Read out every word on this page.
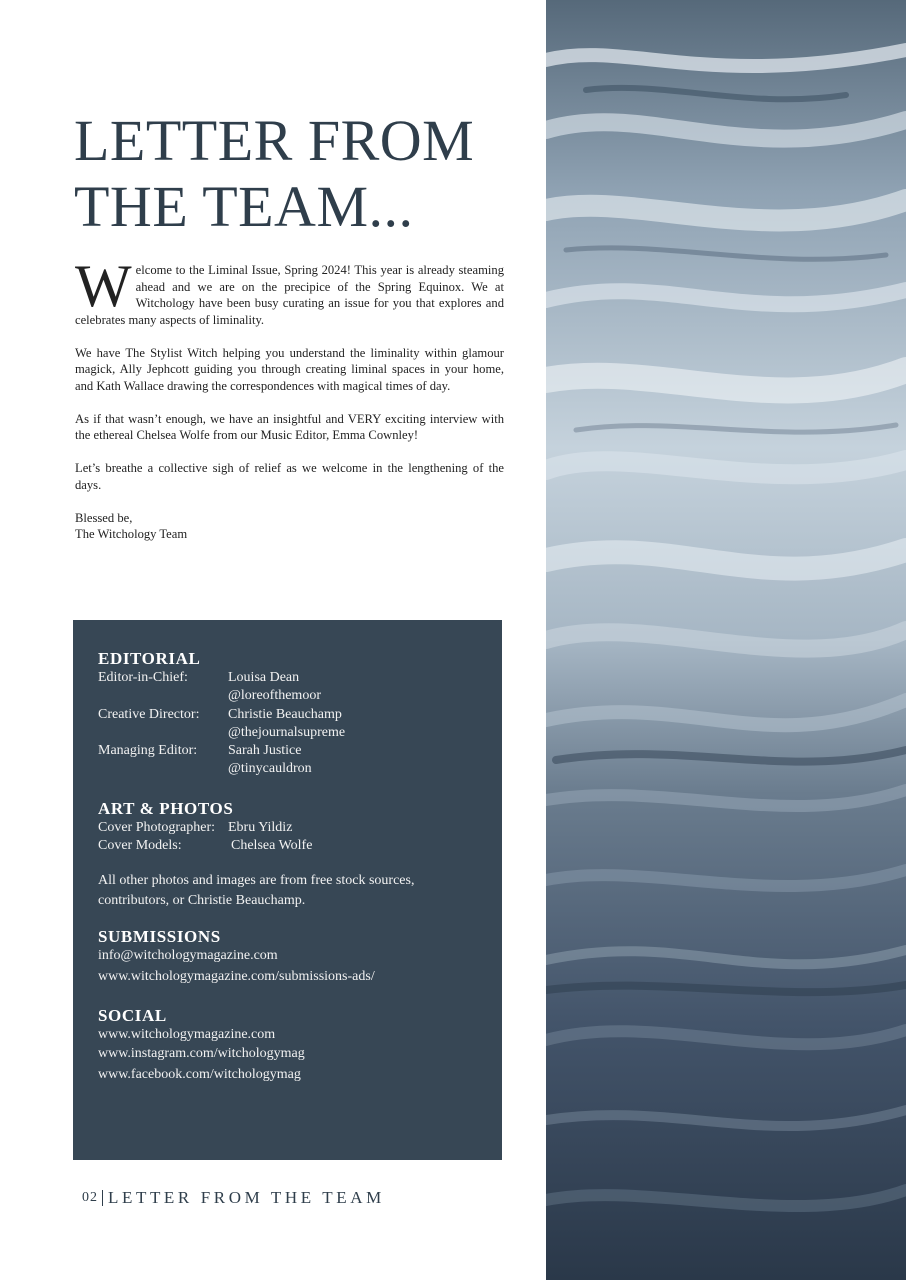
LETTER FROM
THE TEAM...

Welcome to the Liminal Issue, Spring 2024! This year is already steaming ahead and we are on the precipice of the Spring Equinox. We at Witchology have been busy curating an issue for you that explores and celebrates many aspects of liminality.

We have The Stylist Witch helping you understand the liminality within glamour magick, Ally Jephcott guiding you through creating liminal spaces in your home, and Kath Wallace drawing the correspondences with magical times of day.

As if that wasn’t enough, we have an insightful and VERY exciting interview with the ethereal Chelsea Wolfe from our Music Editor, Emma Cownley!

Let’s breathe a collective sigh of relief as we welcome in the lengthening of the days.

Blessed be,
The Witchology Team
EDITORIAL
Editor-in-Chief:	Louisa Dean
@loreofthemoor
Creative Director:	Christie Beauchamp
@thejournalsupreme
Managing Editor:	Sarah Justice
@tinycauldron
ART & PHOTOS
Cover Photographer: Ebru Yildiz
Cover Models:	Chelsea Wolfe

All other photos and images are from free stock sources, contributors, or Christie Beauchamp.

SUBMISSIONS

info@witchologymagazine.com

www.witchologymagazine.com/submissions-ads/

SOCIAL

www.witchologymagazine.com

www.instagram.com/witchologymag

www.facebook.com/witchologymag

02 LETTER FROM THE TEAM
